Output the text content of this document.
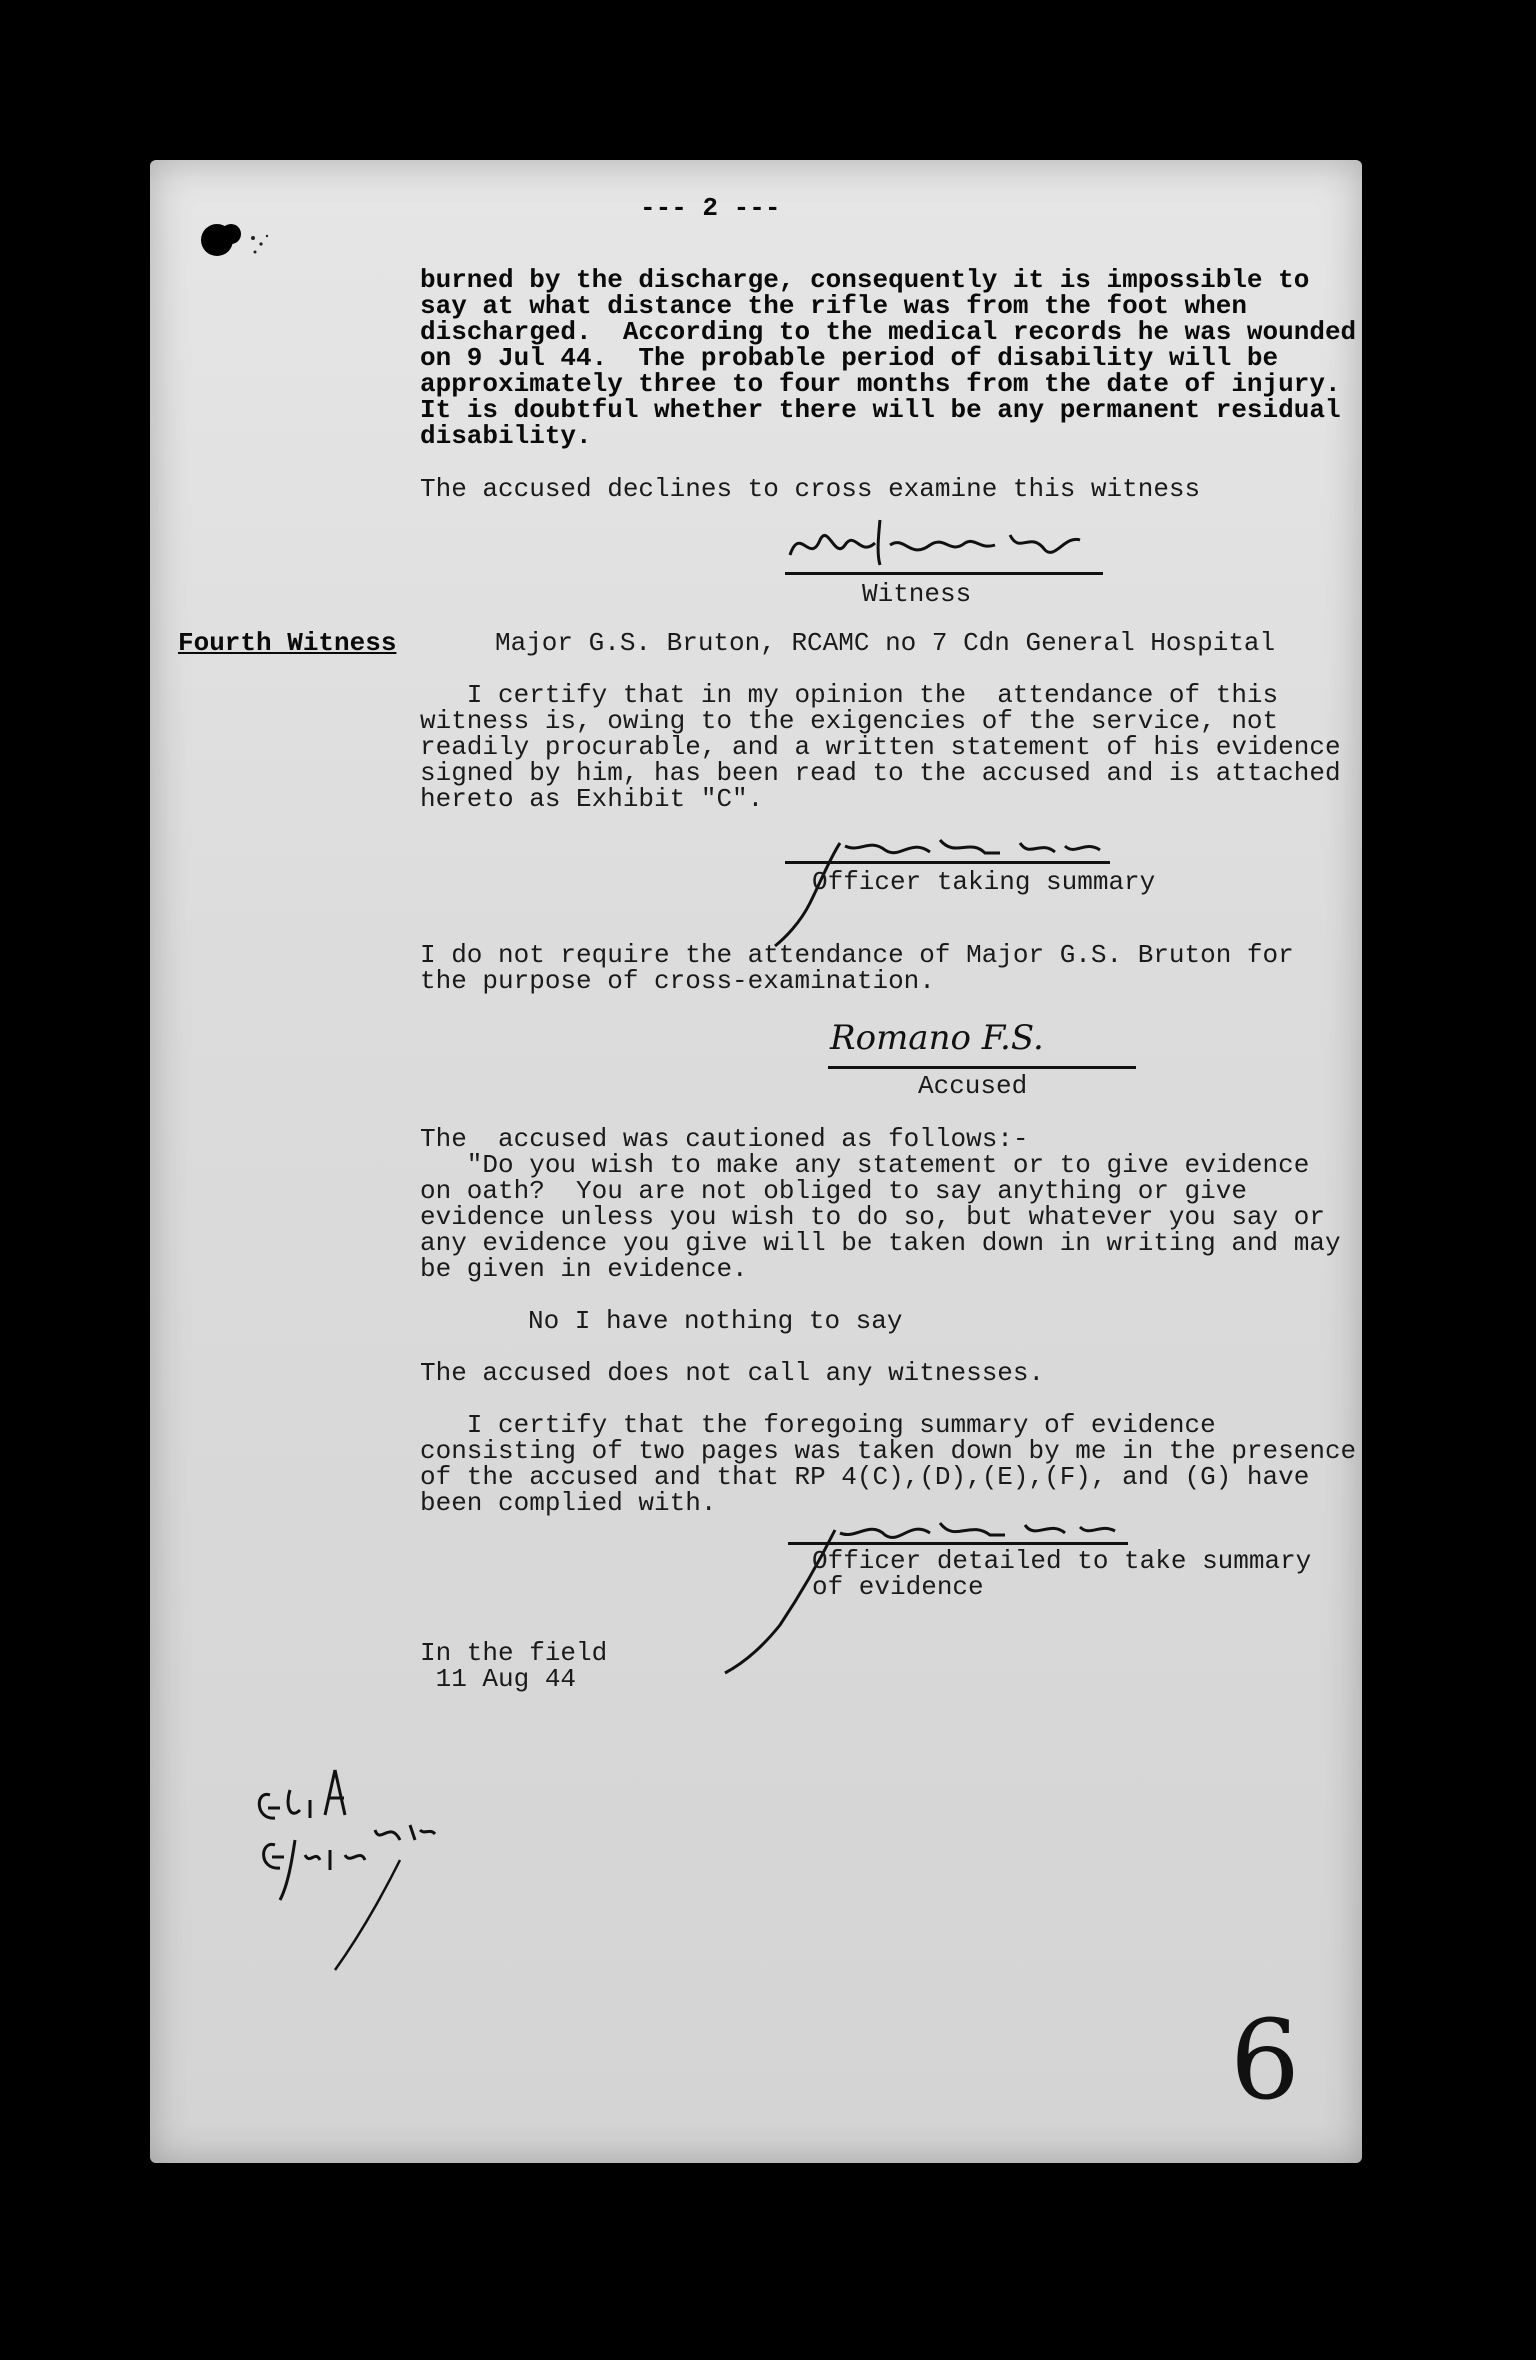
--- 2 ---
burned by the discharge, consequently it is impossible to
say at what distance the rifle was from the foot when
discharged.  According to the medical records he was wounded
on 9 Jul 44.  The probable period of disability will be
approximately three to four months from the date of injury.
It is doubtful whether there will be any permanent residual
disability.
The accused declines to cross examine this witness
Witness
Fourth Witness	Major G.S. Bruton, RCAMC no 7 Cdn General Hospital
I certify that in my opinion the  attendance of this
witness is, owing to the exigencies of the service, not
readily procurable, and a written statement of his evidence
signed by him, has been read to the accused and is attached
hereto as Exhibit "C".
Officer taking summary
I do not require the attendance of Major G.S. Bruton for
the purpose of cross-examination.
Romano F.S.
Accused
The  accused was cautioned as follows:-
"Do you wish to make any statement or to give evidence
on oath?  You are not obliged to say anything or give
evidence unless you wish to do so, but whatever you say or
any evidence you give will be taken down in writing and may
be given in evidence.
No I have nothing to say
The accused does not call any witnesses.
I certify that the foregoing summary of evidence
consisting of two pages was taken down by me in the presence
of the accused and that RP 4(C),(D),(E),(F), and (G) have
been complied with.
Officer detailed to take summary
of evidence
In the field
11 Aug 44
6
